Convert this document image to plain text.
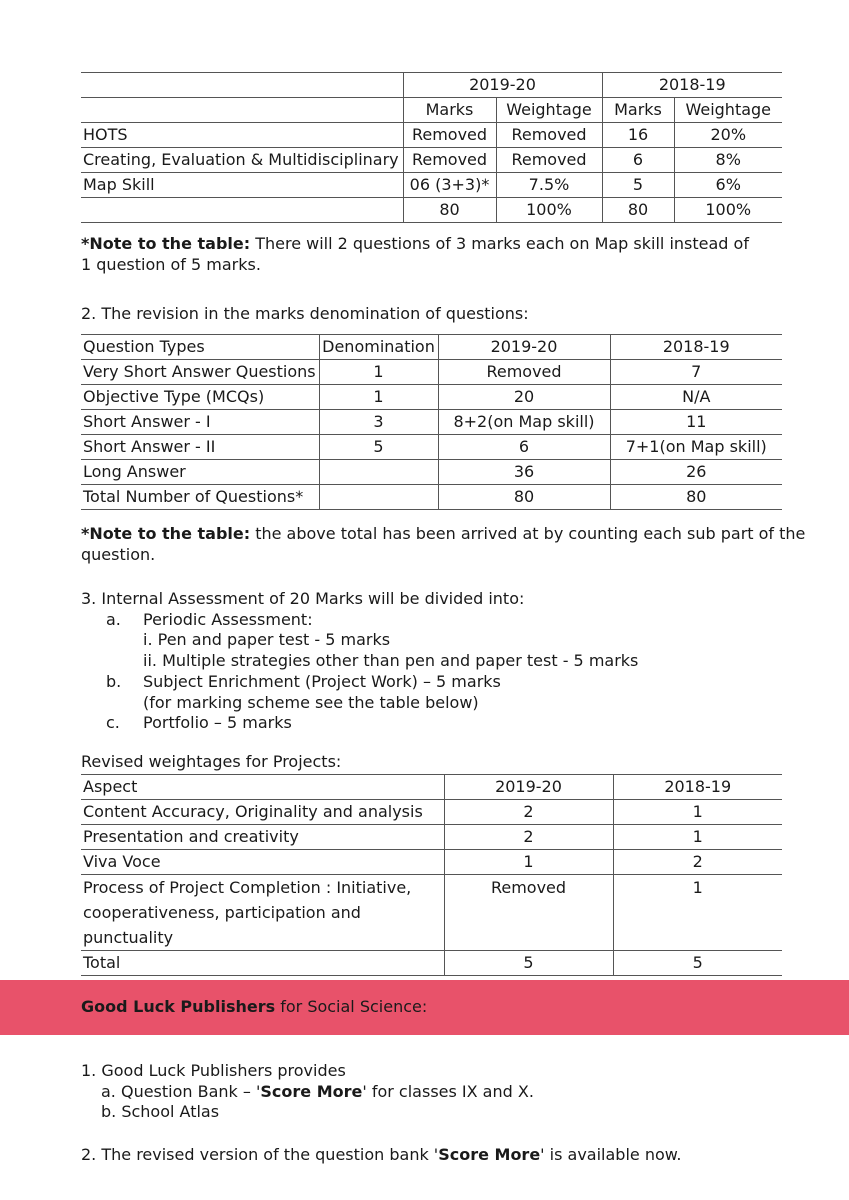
	2019-20		2018-19	
	Marks	Weightage	Marks	Weightage
HOTS	Removed	Removed	16	20%
Creating, Evaluation & Multidisciplinary	Removed	Removed	6	8%
Map Skill	06 (3+3)*	7.5%	5	6%
	80	100%	80	100%
*Note to the table: There will 2 questions of 3 marks each on Map skill instead of
1 question of 5 marks.
2. The revision in the marks denomination of questions:
Question Types	Denomination	2019-20	2018-19
Very Short Answer Questions	1	Removed	7
Objective Type (MCQs)	1	20	N/A
Short Answer - I	3	8+2(on Map skill)	11
Short Answer - II	5	6	7+1(on Map skill)
Long Answer		36	26
Total Number of Questions*		80	80
*Note to the table: the above total has been arrived at by counting each sub part of the
question.
3. Internal Assessment of 20 Marks will be divided into:
a. Periodic Assessment:
i. Pen and paper test - 5 marks
ii. Multiple strategies other than pen and paper test - 5 marks
b. Subject Enrichment (Project Work) – 5 marks
(for marking scheme see the table below)
c. Portfolio – 5 marks
Revised weightages for Projects:
Aspect	2019-20	2018-19
Content Accuracy, Originality and analysis	2	1
Presentation and creativity	2	1
Viva Voce	1	2
Process of Project Completion : Initiative, cooperativeness, participation and punctuality	Removed	1
Total	5	5
Good Luck Publishers for Social Science:
1. Good Luck Publishers provides
a. Question Bank – 'Score More' for classes IX and X.
b. School Atlas
2. The revised version of the question bank 'Score More' is available now.
